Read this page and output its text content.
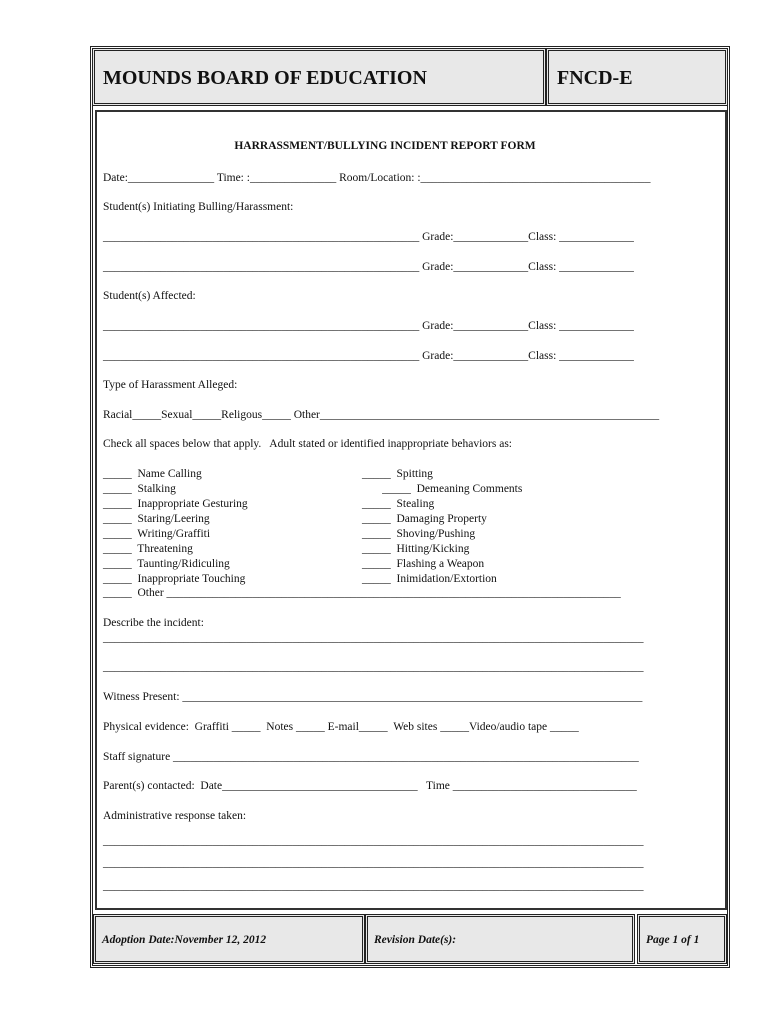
MOUNDS BOARD OF EDUCATION	FNCD-E
HARRASSMENT/BULLYING INCIDENT REPORT FORM
Date:_______________ Time: :_______________ Room/Location: :________________________________________
Student(s) Initiating Bulling/Harassment:
_______________________________________________________ Grade:_____________Class: _____________
_______________________________________________________ Grade:_____________Class: _____________
Student(s) Affected:
_______________________________________________________ Grade:_____________Class: _____________
_______________________________________________________ Grade:_____________Class: _____________
Type of Harassment Alleged:
Racial_____Sexual_____Religous_____ Other___________________________________________________________
Check all spaces below that apply.   Adult stated or identified inappropriate behaviors as:
_____  Name Calling
_____  Stalking
_____  Inappropriate Gesturing
_____  Staring/Leering
_____  Writing/Graffiti
_____  Threatening
_____  Taunting/Ridiculing
_____  Inappropriate Touching
_____  Other _______________________________________________________________________________
_____  Spitting
_____  Demeaning Comments
_____  Stealing
_____  Damaging Property
_____  Shoving/Pushing
_____  Hitting/Kicking
_____  Flashing a Weapon
_____  Inimidation/Extortion
Describe the incident:
______________________________________________________________________________________________
______________________________________________________________________________________________
Witness Present: ________________________________________________________________________________
Physical evidence:  Graffiti _____  Notes _____ E-mail_____  Web sites _____Video/audio tape _____
Staff signature _________________________________________________________________________________
Parent(s) contacted:  Date__________________________________   Time ________________________________
Administrative response taken:
______________________________________________________________________________________________
______________________________________________________________________________________________
______________________________________________________________________________________________
Adoption Date:November 12, 2012	Revision Date(s):	Page 1 of 1
